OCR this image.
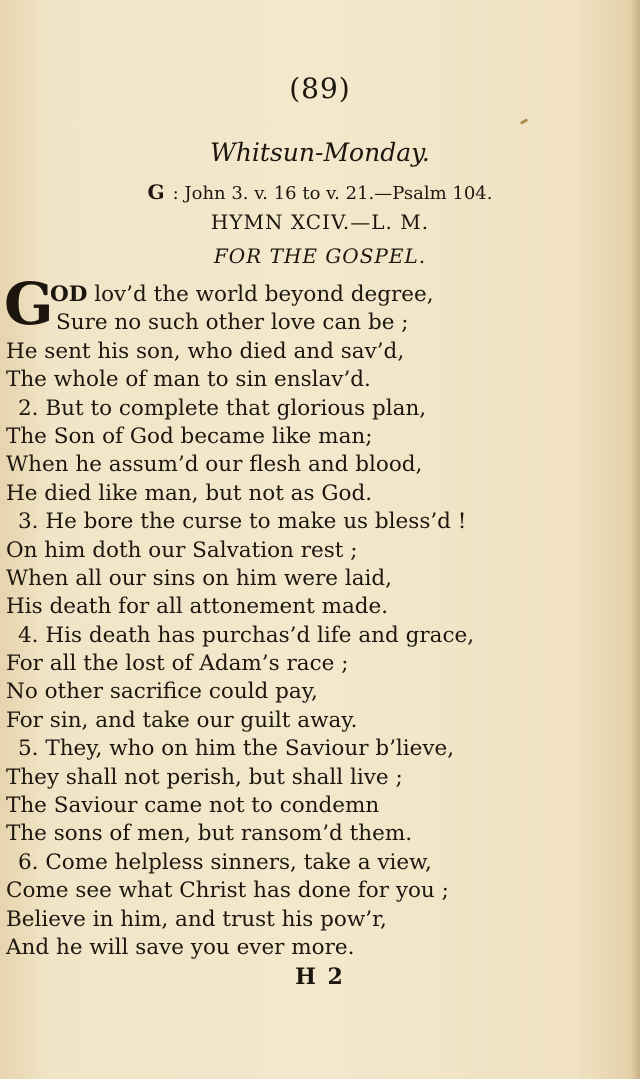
(89)
Whitsun-Monday.
G : John 3. v. 16 to v. 21.—Psalm 104.
HYMN XCIV.—L. M.
FOR THE GOSPEL.
G
OD lov’d the world beyond degree,
Sure no such other love can be ;
He sent his son, who died and sav’d,
The whole of man to sin enslav’d.
2. But to complete that glorious plan,
The Son of God became like man;
When he assum’d our flesh and blood,
He died like man, but not as God.
3. He bore the curse to make us bless’d !
On him doth our Salvation rest ;
When all our sins on him were laid,
His death for all attonement made.
4. His death has purchas’d life and grace,
For all the lost of Adam’s race ;
No other sacrifice could pay,
For sin, and take our guilt away.
5. They, who on him the Saviour b’lieve,
They shall not perish, but shall live ;
The Saviour came not to condemn
The sons of men, but ransom’d them.
6. Come helpless sinners, take a view,
Come see what Christ has done for you ;
Believe in him, and trust his pow’r,
And he will save you ever more.
H 2
